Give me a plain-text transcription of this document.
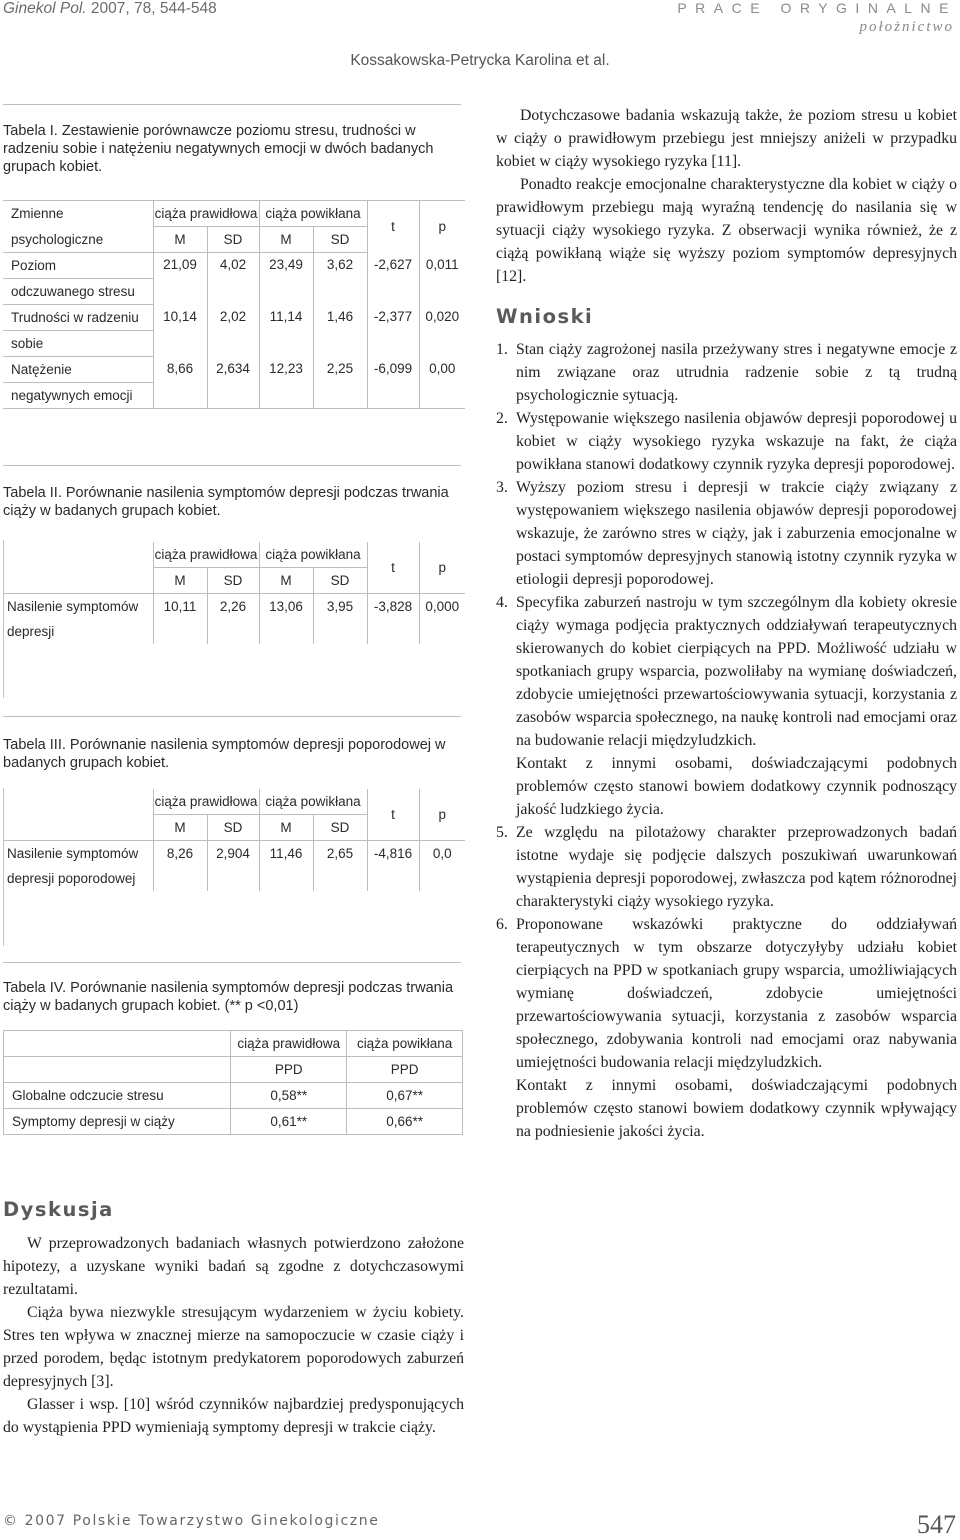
Ginekol Pol. 2007, 78, 544-548	PRACE ORYGINALNE
położnictwo
Kossakowska-Petrycka Karolina et al.
Tabela I. Zestawienie porównawcze poziomu stresu, trudności w radzeniu sobie i natężeniu negatywnych emocji w dwóch badanych grupach kobiet.
Zmienne	ciąża prawidłowa		ciąża powikłana		t	p
psychologiczne	M	SD	M	SD		
Poziom	21,09	4,02	23,49	3,62	-2,627	0,011
odczuwanego stresu						
Trudności w radzeniu	10,14	2,02	11,14	1,46	-2,377	0,020
sobie						
Natężenie	8,66	2,634	12,23	2,25	-6,099	0,00
negatywnych emocji						
Tabela II. Porównanie nasilenia symptomów depresji podczas trwania ciąży w badanych grupach kobiet.
	ciąża prawidłowa		ciąża powikłana		t	p
	M	SD	M	SD		
Nasilenie symptomów	10,11	2,26	13,06	3,95	-3,828	0,000
depresji						
Tabela III. Porównanie nasilenia symptomów depresji poporodowej w badanych grupach kobiet.
	ciąża prawidłowa		ciąża powikłana		t	p
	M	SD	M	SD		
Nasilenie symptomów	8,26	2,904	11,46	2,65	-4,816	0,0
depresji poporodowej						
Tabela IV. Porównanie nasilenia symptomów depresji podczas trwania ciąży w badanych grupach kobiet. (** p <0,01)
	ciąża prawidłowa	ciąża powikłana
	PPD	PPD
Globalne odczucie stresu	0,58**	0,67**
Symptomy depresji w ciąży	0,61**	0,66**
Dyskusja

W przeprowadzonych badaniach własnych potwierdzono założone hipotezy, a uzyskane wyniki badań są zgodne z dotychczasowymi rezultatami.

Ciąża bywa niezwykle stresującym wydarzeniem w życiu kobiety. Stres ten wpływa w znacznej mierze na samopoczucie w czasie ciąży i przed porodem, będąc istotnym predykatorem poporodowych zaburzeń depresyjnych [3].

Glasser i wsp. [10] wśród czynników najbardziej predysponujących do wystąpienia PPD wymieniają symptomy depresji w trakcie ciąży.

Dotychczasowe badania wskazują także, że poziom stresu u kobiet w ciąży o prawidłowym przebiegu jest mniejszy aniżeli w przypadku kobiet w ciąży wysokiego ryzyka [11].

Ponadto reakcje emocjonalne charakterystyczne dla kobiet w ciąży o prawidłowym przebiegu mają wyraźną tendencję do nasilania się w sytuacji ciąży wysokiego ryzyka. Z obserwacji wynika również, że z ciążą powikłaną wiąże się wyższy poziom symptomów depresyjnych [12].

Wnioski
1. Stan ciąży zagrożonej nasila przeżywany stres i negatywne emocje z nim związane oraz utrudnia radzenie sobie z tą trudną psychologicznie sytuacją.

2. Występowanie większego nasilenia objawów depresji poporodowej u kobiet w ciąży wysokiego ryzyka wskazuje na fakt, że ciąża powikłana stanowi dodatkowy czynnik ryzyka depresji poporodowej.

3. Wyższy poziom stresu i depresji w trakcie ciąży związany z występowaniem większego nasilenia objawów depresji poporodowej wskazuje, że zarówno stres w ciąży, jak i zaburzenia emocjonalne w postaci symptomów depresyjnych stanowią istotny czynnik ryzyka w etiologii depresji poporodowej.

4. Specyfika zaburzeń nastroju w tym szczególnym dla kobiety okresie ciąży wymaga podjęcia praktycznych oddziaływań terapeutycznych skierowanych do kobiet cierpiących na PPD. Możliwość udziału w spotkaniach grupy wsparcia, pozwoliłaby na wymianę doświadczeń, zdobycie umiejętności przewartościowywania sytuacji, korzystania z zasobów wsparcia społecznego, na naukę kontroli nad emocjami oraz na budowanie relacji międzyludzkich.

Kontakt z innymi osobami, doświadczającymi podobnych problemów często stanowi bowiem dodatkowy czynnik podnoszący jakość ludzkiego życia.

5. Ze względu na pilotażowy charakter przeprowadzonych badań istotne wydaje się podjęcie dalszych poszukiwań uwarunkowań wystąpienia depresji poporodowej, zwłaszcza pod kątem różnorodnej charakterystyki ciąży wysokiego ryzyka.

6. Proponowane wskazówki praktyczne do oddziaływań terapeutycznych w tym obszarze dotyczyłyby udziału kobiet cierpiących na PPD w spotkaniach grupy wsparcia, umożliwiających wymianę doświadczeń, zdobycie umiejętności przewartościowywania sytuacji, korzystania z zasobów wsparcia społecznego, zdobywania kontroli nad emocjami oraz nabywania umiejętności budowania relacji międzyludzkich.

Kontakt z innymi osobami, doświadczającymi podobnych problemów często stanowi bowiem dodatkowy czynnik wpływający na podniesienie jakości życia.

© 2007 Polskie Towarzystwo Ginekologiczne	547
